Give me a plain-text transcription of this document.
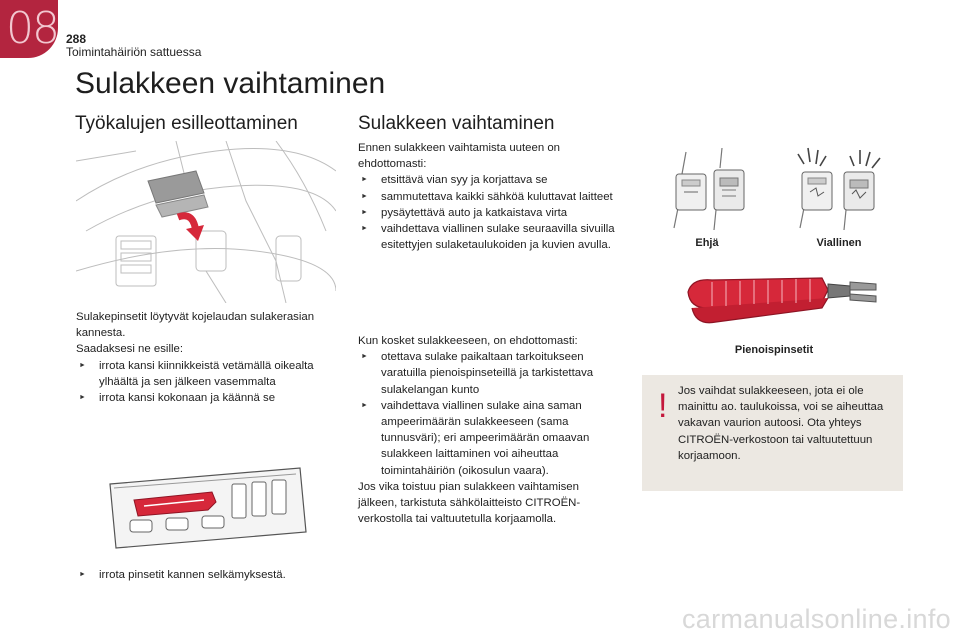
08 288
Toimintahäiriön sattuessa
Sulakkeen vaihtaminen
Työkalujen esilleottaminen

Sulakepinsetit löytyvät kojelaudan sulakerasian kannesta.

Saadaksesi ne esille:

► irrota kansi kiinnikkeistä vetämällä oikealta ylhäältä ja sen jälkeen vasemmalta
► irrota kansi kokonaan ja käännä se
► irrota pinsetit kannen selkämyksestä.
Sulakkeen vaihtaminen

Ennen sulakkeen vaihtamista uuteen on ehdottomasti:

► etsittävä vian syy ja korjattava se
► sammutettava kaikki sähköä kuluttavat laitteet
► pysäytettävä auto ja katkaistava virta
► vaihdettava viallinen sulake seuraavilla sivuilla esitettyjen sulaketaulukoiden ja kuvien avulla.

Kun kosket sulakkeeseen, on ehdottomasti:

► otettava sulake paikaltaan tarkoitukseen varatuilla pienoispinseteillä ja tarkistettava sulakelangan kunto
► vaihdettava viallinen sulake aina saman ampeerimäärän sulakkeeseen (sama tunnusväri); eri ampeerimäärän omaavan sulakkeen laittaminen voi aiheuttaa toimintahäiriön (oikosulun vaara).

Jos vika toistuu pian sulakkeen vaihtamisen jälkeen, tarkistuta sähkölaitteisto CITROËN-verkostolla tai valtuutetulla korjaamolla.

Ehjä	Viallinen
Pienoispinsetit
! Jos vaihdat sulakkeeseen, jota ei ole mainittu ao. taulukoissa, voi se aiheuttaa vakavan vaurion autoosi. Ota yhteys CITROËN-verkostoon tai valtuutettuun korjaamoon.

carmanualsonline.info
